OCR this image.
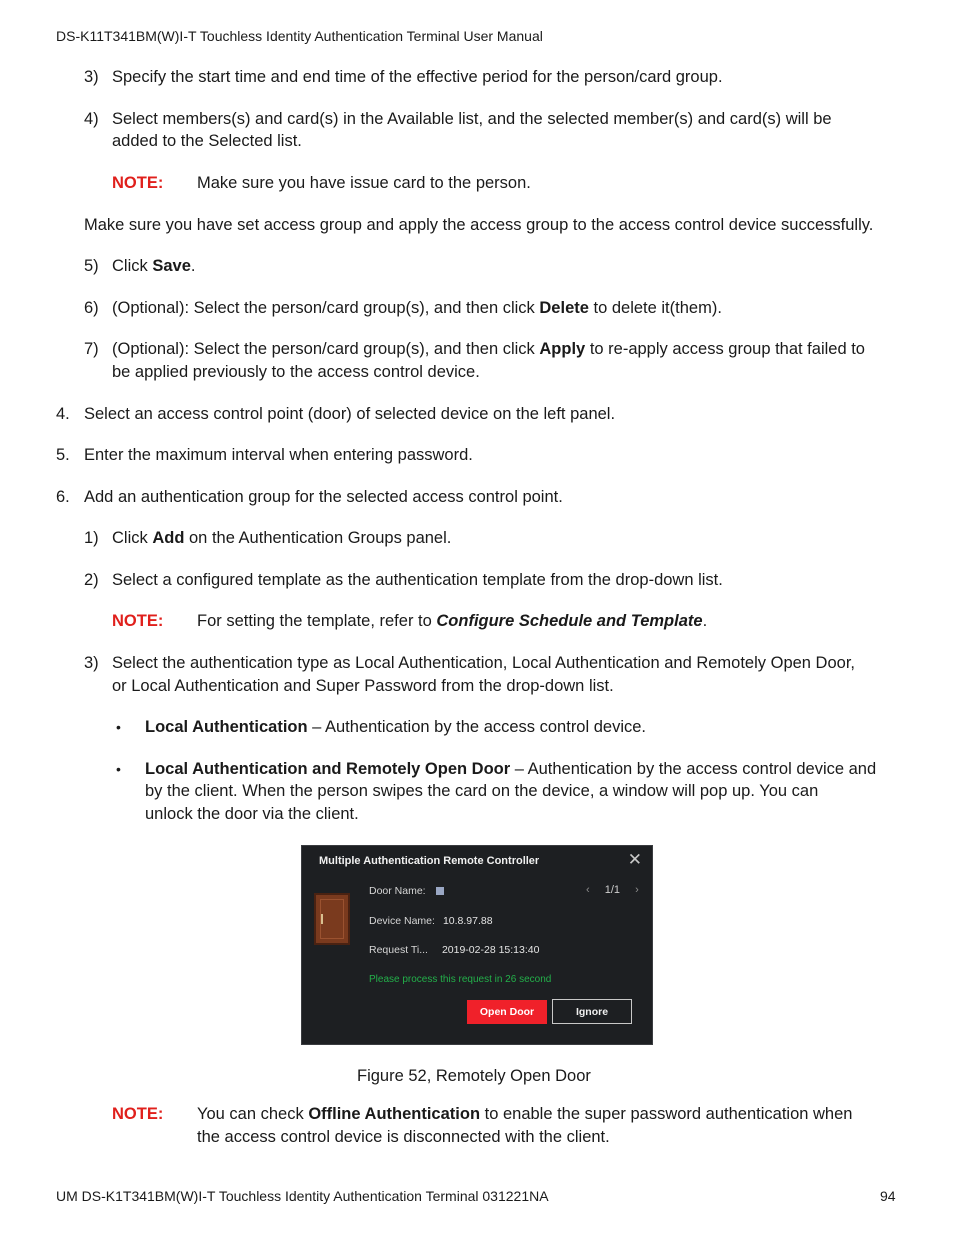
DS-K11T341BM(W)I-T Touchless Identity Authentication Terminal User Manual
3) Specify the start time and end time of the effective period for the person/card group.
4) Select members(s) and card(s) in the Available list, and the selected member(s) and card(s) will be
added to the Selected list.
NOTE: Make sure you have issue card to the person.
Make sure you have set access group and apply the access group to the access control device successfully.
5) Click Save.
6) (Optional): Select the person/card group(s), and then click Delete to delete it(them).
7) (Optional): Select the person/card group(s), and then click Apply to re-apply access group that failed to
be applied previously to the access control device.
4. Select an access control point (door) of selected device on the left panel.
5. Enter the maximum interval when entering password.
6. Add an authentication group for the selected access control point.
1) Click Add on the Authentication Groups panel.
2) Select a configured template as the authentication template from the drop-down list.
NOTE: For setting the template, refer to Configure Schedule and Template.
3) Select the authentication type as Local Authentication, Local Authentication and Remotely Open Door,
or Local Authentication and Super Password from the drop-down list.
• Local Authentication – Authentication by the access control device.
• Local Authentication and Remotely Open Door – Authentication by the access control device and
by the client. When the person swipes the card on the device, a window will pop up. You can
unlock the door via the client.
Multiple Authentication Remote Controller	✕
Door Name:	‹ 1/1 ›
Device Name: 10.8.97.88
Request Ti... 2019-02-28 15:13:40
Please process this request in 26 second
Open Door	Ignore
Figure 52, Remotely Open Door
NOTE: You can check Offline Authentication to enable the super password authentication when
the access control device is disconnected with the client.
UM DS-K1T341BM(W)I-T Touchless Identity Authentication Terminal 031221NA	94
